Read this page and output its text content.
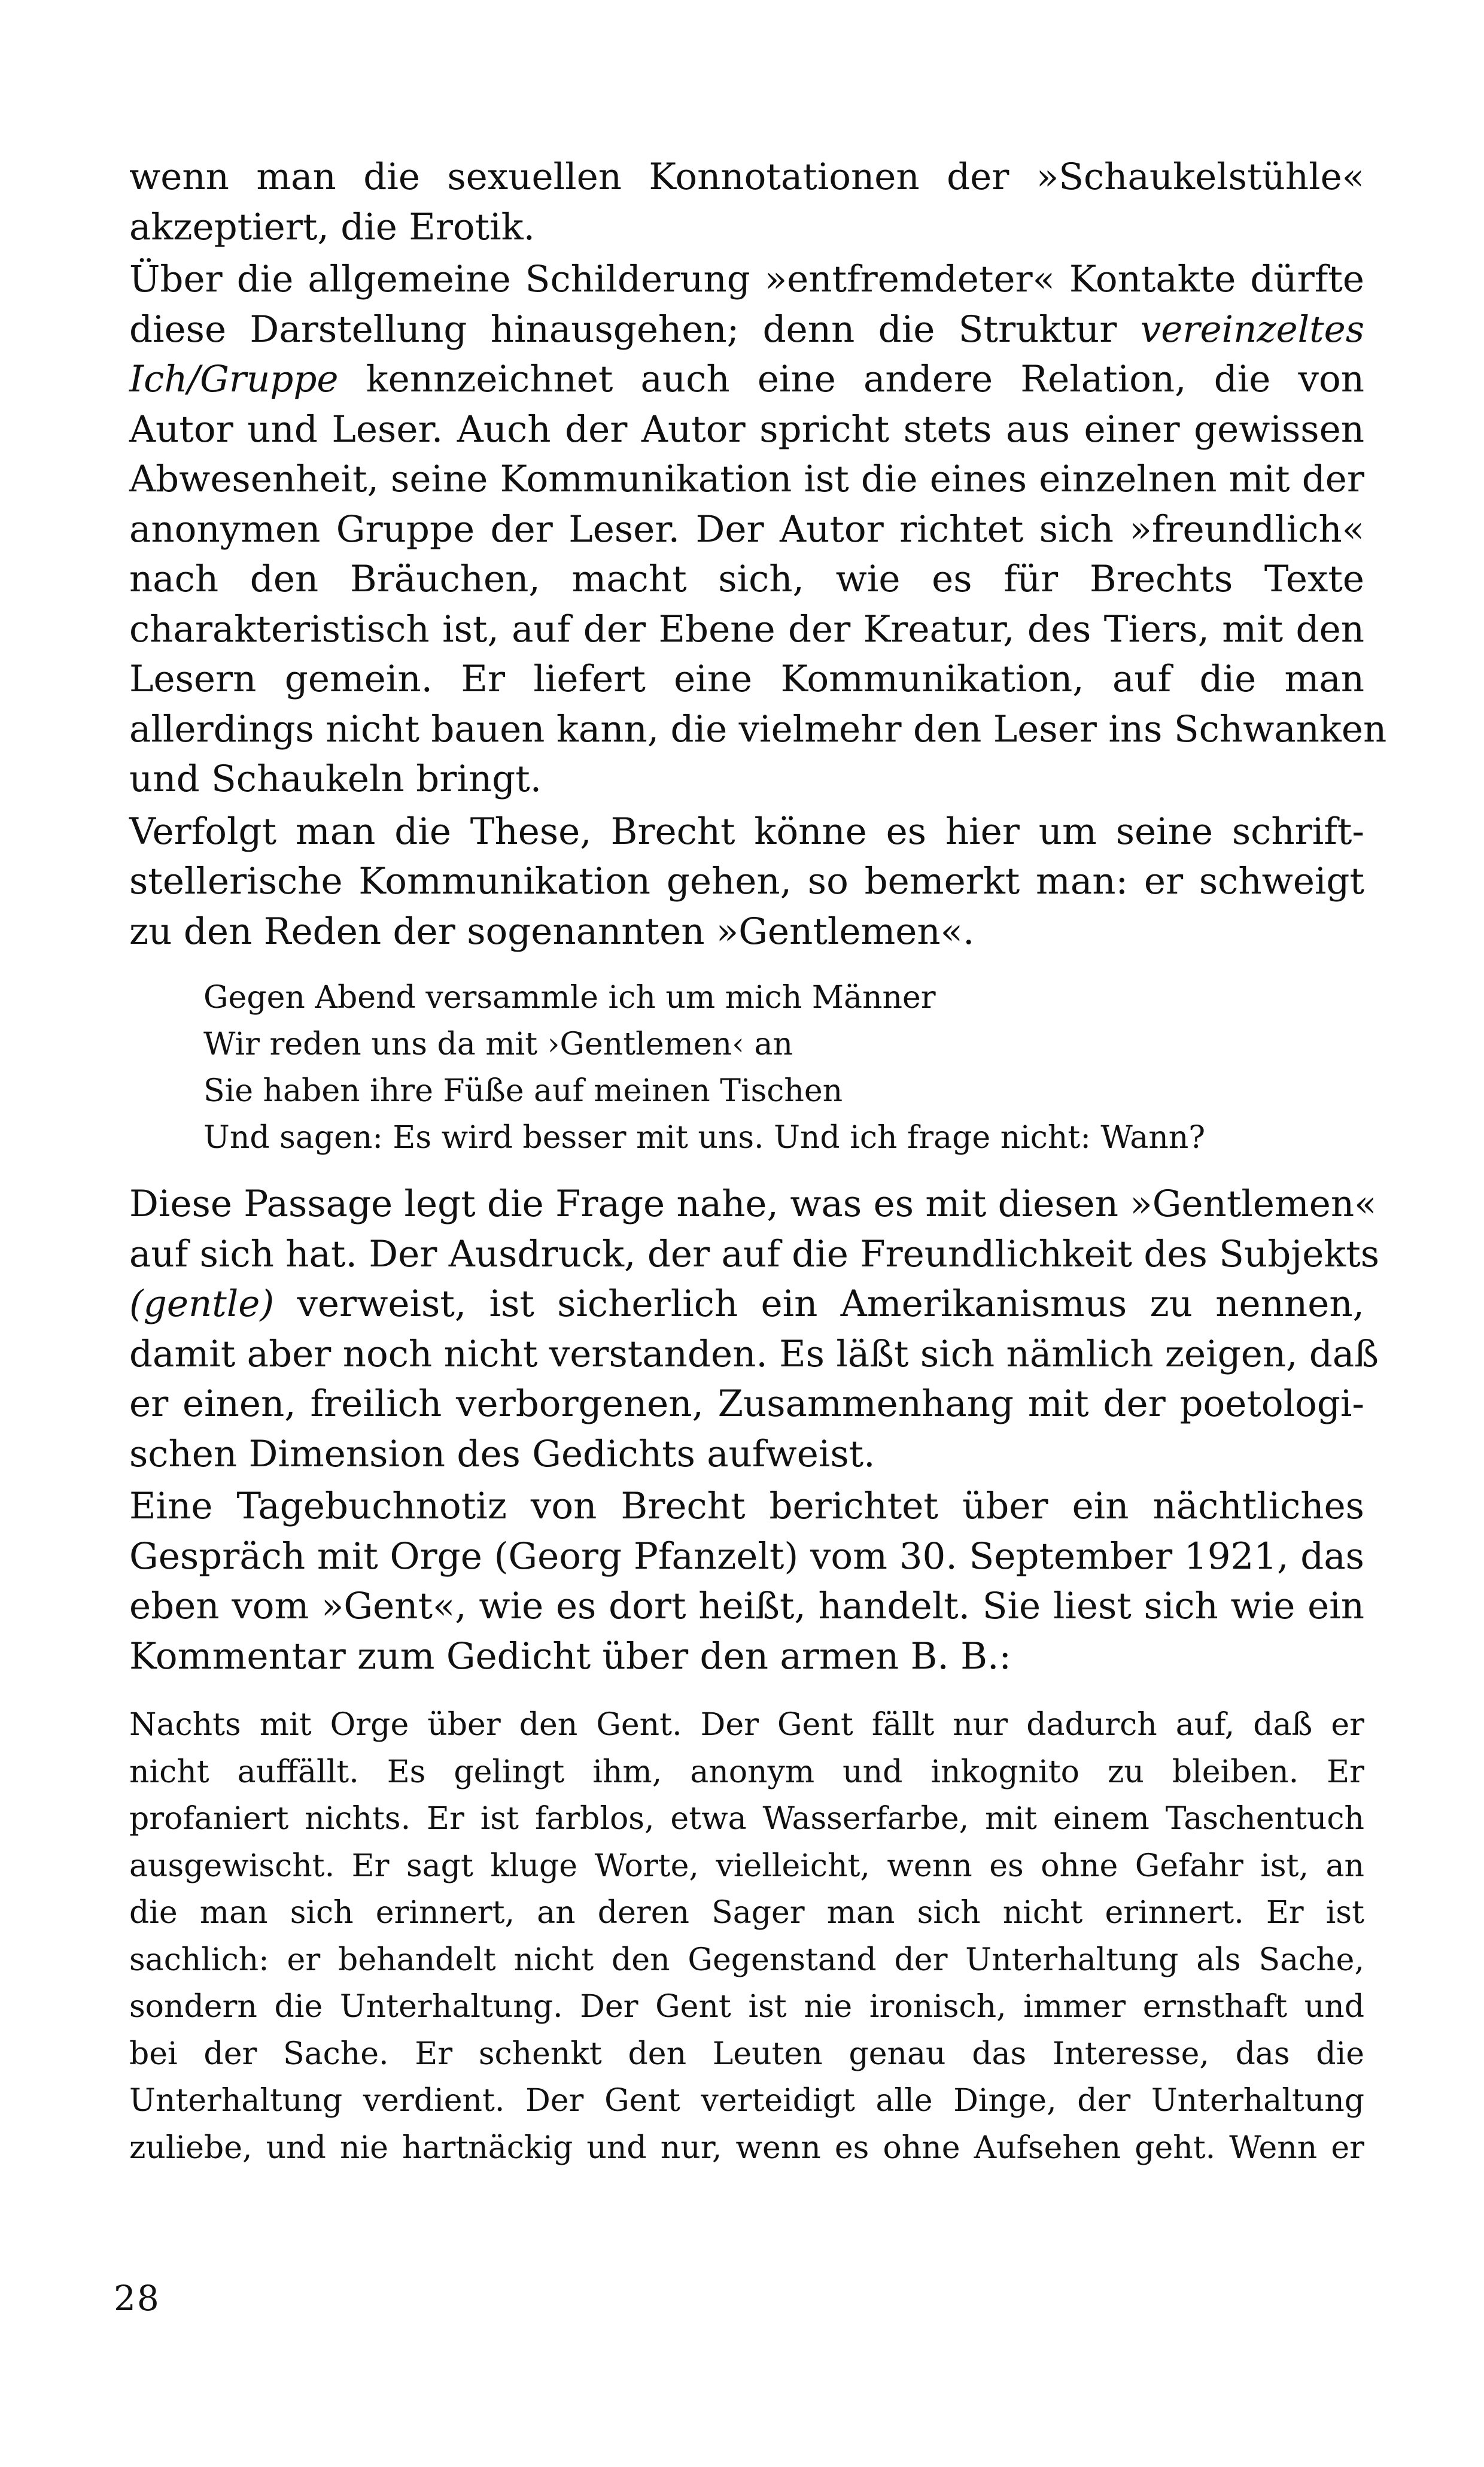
wenn man die sexuellen Konnotationen der »Schaukelstühle«
akzeptiert, die Erotik.
Über die allgemeine Schilderung »entfremdeter« Kontakte dürfte
diese Darstellung hinausgehen; denn die Struktur vereinzeltes
Ich/Gruppe kennzeichnet auch eine andere Relation, die von
Autor und Leser. Auch der Autor spricht stets aus einer gewissen
Abwesenheit, seine Kommunikation ist die eines einzelnen mit der
anonymen Gruppe der Leser. Der Autor richtet sich »freundlich«
nach den Bräuchen, macht sich, wie es für Brechts Texte
charakteristisch ist, auf der Ebene der Kreatur, des Tiers, mit den
Lesern gemein. Er liefert eine Kommunikation, auf die man
allerdings nicht bauen kann, die vielmehr den Leser ins Schwanken
und Schaukeln bringt.
Verfolgt man die These, Brecht könne es hier um seine schrift-
stellerische Kommunikation gehen, so bemerkt man: er schweigt
zu den Reden der sogenannten »Gentlemen«.
Gegen Abend versammle ich um mich Männer
Wir reden uns da mit ›Gentlemen‹ an
Sie haben ihre Füße auf meinen Tischen
Und sagen: Es wird besser mit uns. Und ich frage nicht: Wann?
Diese Passage legt die Frage nahe, was es mit diesen »Gentlemen«
auf sich hat. Der Ausdruck, der auf die Freundlichkeit des Subjekts
(gentle) verweist, ist sicherlich ein Amerikanismus zu nennen,
damit aber noch nicht verstanden. Es läßt sich nämlich zeigen, daß
er einen, freilich verborgenen, Zusammenhang mit der poetologi-
schen Dimension des Gedichts aufweist.
Eine Tagebuchnotiz von Brecht berichtet über ein nächtliches
Gespräch mit Orge (Georg Pfanzelt) vom 30. September 1921, das
eben vom »Gent«, wie es dort heißt, handelt. Sie liest sich wie ein
Kommentar zum Gedicht über den armen B. B.:
Nachts mit Orge über den Gent. Der Gent fällt nur dadurch auf, daß er
nicht auffällt. Es gelingt ihm, anonym und inkognito zu bleiben. Er
profaniert nichts. Er ist farblos, etwa Wasserfarbe, mit einem Taschentuch
ausgewischt. Er sagt kluge Worte, vielleicht, wenn es ohne Gefahr ist, an
die man sich erinnert, an deren Sager man sich nicht erinnert. Er ist
sachlich: er behandelt nicht den Gegenstand der Unterhaltung als Sache,
sondern die Unterhaltung. Der Gent ist nie ironisch, immer ernsthaft und
bei der Sache. Er schenkt den Leuten genau das Interesse, das die
Unterhaltung verdient. Der Gent verteidigt alle Dinge, der Unterhaltung
zuliebe, und nie hartnäckig und nur, wenn es ohne Aufsehen geht. Wenn er
28
